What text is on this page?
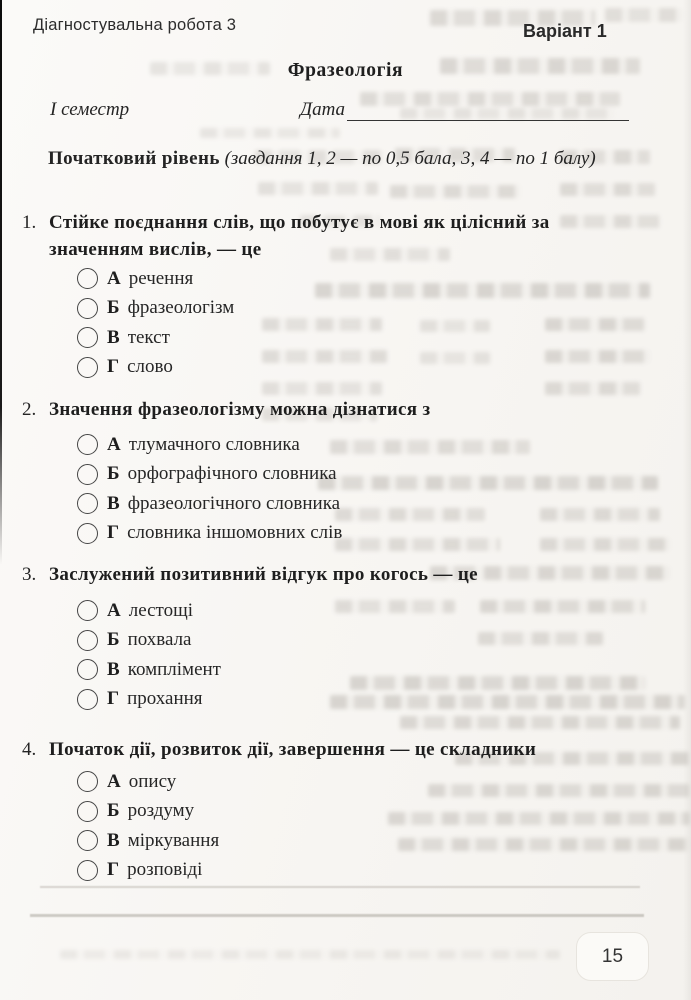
Діагностувальна робота 3	Варіант 1
Фразеологія
І семестр	Дата
Початковий рівень (завдання 1, 2 — по 0,5 бала, 3, 4 — по 1 балу)
1. Стійке поєднання слів, що побутує в мові як цілісний за значенням вислів, — це
А речення
Б фразеологізм
В текст
Г слово
2. Значення фразеологізму можна дізнатися з
А тлумачного словника
Б орфографічного словника
В фразеологічного словника
Г словника іншомовних слів
3. Заслужений позитивний відгук про когось — це
А лестощі
Б похвала
В комплімент
Г прохання
4. Початок дії, розвиток дії, завершення — це складники
А опису
Б роздуму
В міркування
Г розповіді
15
